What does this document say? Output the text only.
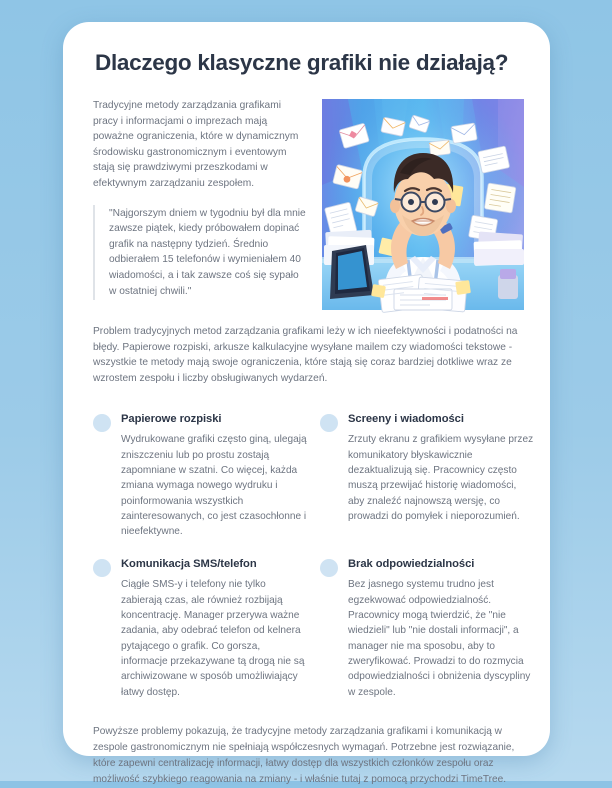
Dlaczego klasyczne grafiki nie działają?

Tradycyjne metody zarządzania grafikami pracy i informacjami o imprezach mają poważne ograniczenia, które w dynamicznym środowisku gastronomicznym i eventowym stają się prawdziwymi przeszkodami w efektywnym zarządzaniu zespołem.

"Najgorszym dniem w tygodniu był dla mnie zawsze piątek, kiedy próbowałem dopinać grafik na następny tydzień. Średnio odbierałem 15 telefonów i wymieniałem 40 wiadomości, a i tak zawsze coś się sypało w ostatniej chwili."

Problem tradycyjnych metod zarządzania grafikami leży w ich nieefektywności i podatności na błędy. Papierowe rozpiski, arkusze kalkulacyjne wysyłane mailem czy wiadomości tekstowe - wszystkie te metody mają swoje ograniczenia, które stają się coraz bardziej dotkliwe wraz ze wzrostem zespołu i liczby obsługiwanych wydarzeń.

Papierowe rozpiski

Wydrukowane grafiki często giną, ulegają zniszczeniu lub po prostu zostają zapomniane w szatni. Co więcej, każda zmiana wymaga nowego wydruku i poinformowania wszystkich zainteresowanych, co jest czasochłonne i nieefektywne.

Screeny i wiadomości

Zrzuty ekranu z grafikiem wysyłane przez komunikatory błyskawicznie dezaktualizują się. Pracownicy często muszą przewijać historię wiadomości, aby znaleźć najnowszą wersję, co prowadzi do pomyłek i nieporozumień.

Komunikacja SMS/telefon

Ciągłe SMS-y i telefony nie tylko zabierają czas, ale również rozbijają koncentrację. Manager przerywa ważne zadania, aby odebrać telefon od kelnera pytającego o grafik. Co gorsza, informacje przekazywane tą drogą nie są archiwizowane w sposób umożliwiający łatwy dostęp.

Brak odpowiedzialności

Bez jasnego systemu trudno jest egzekwować odpowiedzialność. Pracownicy mogą twierdzić, że "nie wiedzieli" lub "nie dostali informacji", a manager nie ma sposobu, aby to zweryfikować. Prowadzi to do rozmycia odpowiedzialności i obniżenia dyscypliny w zespole.

Powyższe problemy pokazują, że tradycyjne metody zarządzania grafikami i komunikacją w zespole gastronomicznym nie spełniają współczesnych wymagań. Potrzebne jest rozwiązanie, które zapewni centralizację informacji, łatwy dostęp dla wszystkich członków zespołu oraz możliwość szybkiego reagowania na zmiany - i właśnie tutaj z pomocą przychodzi TimeTree.
